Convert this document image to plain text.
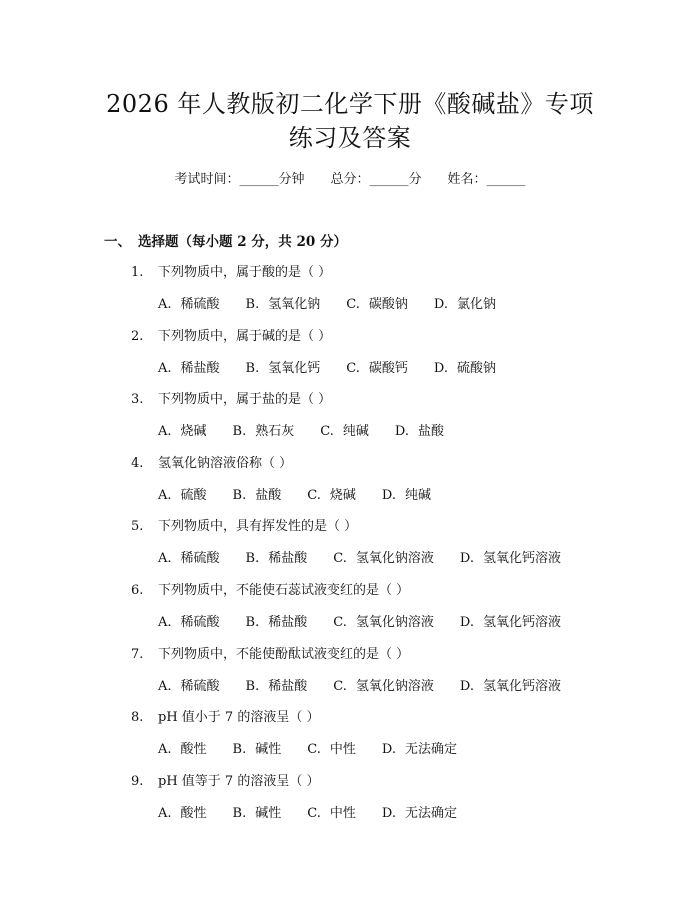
2026 年人教版初二化学下册《酸碱盐》专项
练习及答案
考试时间：______分钟 总分：______分 姓名：______
一、 选择题（每小题 2 分，共 20 分）
1. 下列物质中，属于酸的是（ ）
A. 稀硫酸 B. 氢氧化钠 C. 碳酸钠 D. 氯化钠
2. 下列物质中，属于碱的是（ ）
A. 稀盐酸 B. 氢氧化钙 C. 碳酸钙 D. 硫酸钠
3. 下列物质中，属于盐的是（ ）
A. 烧碱 B. 熟石灰 C. 纯碱 D. 盐酸
4. 氢氧化钠溶液俗称（ ）
A. 硫酸 B. 盐酸 C. 烧碱 D. 纯碱
5. 下列物质中，具有挥发性的是（ ）
A. 稀硫酸 B. 稀盐酸 C. 氢氧化钠溶液 D. 氢氧化钙溶液
6. 下列物质中，不能使石蕊试液变红的是（ ）
A. 稀硫酸 B. 稀盐酸 C. 氢氧化钠溶液 D. 氢氧化钙溶液
7. 下列物质中，不能使酚酞试液变红的是（ ）
A. 稀硫酸 B. 稀盐酸 C. 氢氧化钠溶液 D. 氢氧化钙溶液
8. pH 值小于 7 的溶液呈（ ）
A. 酸性 B. 碱性 C. 中性 D. 无法确定
9. pH 值等于 7 的溶液呈（ ）
A. 酸性 B. 碱性 C. 中性 D. 无法确定
